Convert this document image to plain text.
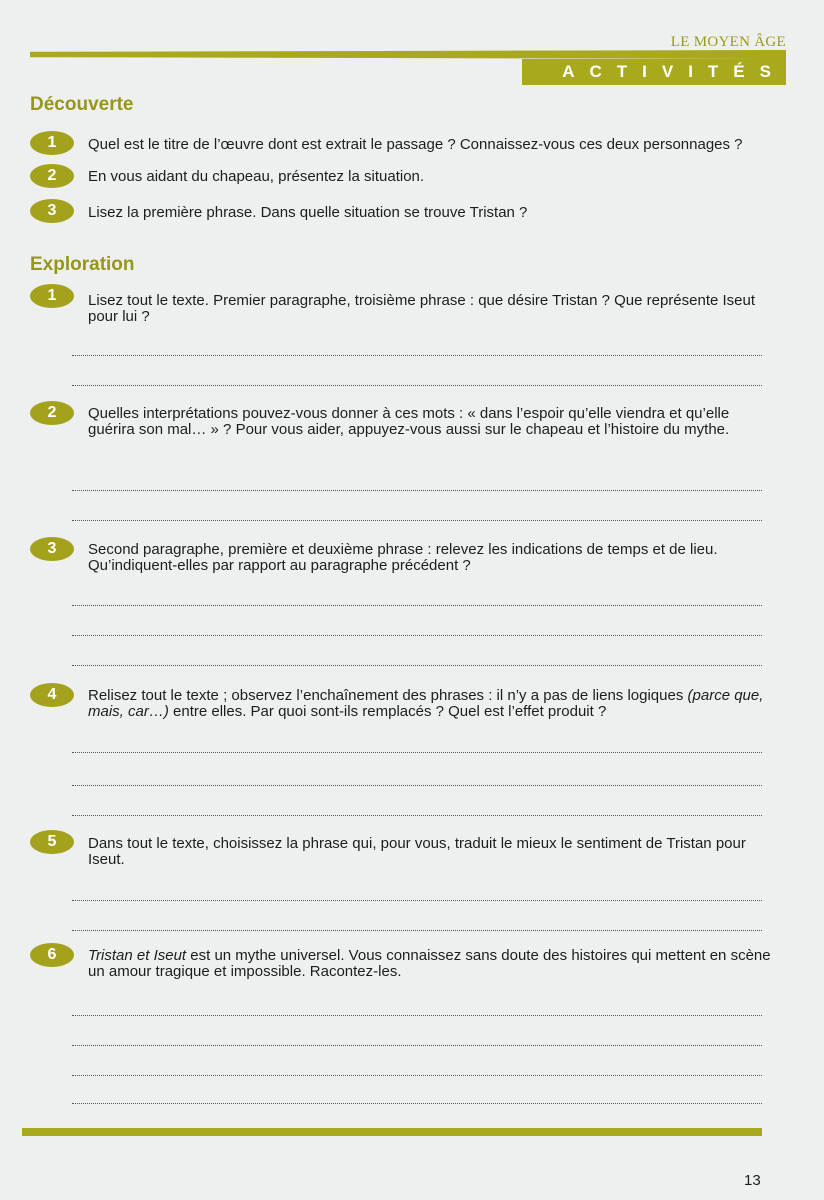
LE MOYEN ÂGE
ACTIVITÉS
Découverte
1	Quel est le titre de l’œuvre dont est extrait le passage ? Connaissez-vous ces deux personnages ?
2	En vous aidant du chapeau, présentez la situation.
3	Lisez la première phrase. Dans quelle situation se trouve Tristan ?
Exploration
1	Lisez tout le texte. Premier paragraphe, troisième phrase : que désire Tristan ? Que représente Iseut pour lui ?
2	Quelles interprétations pouvez-vous donner à ces mots : « dans l’espoir qu’elle viendra et qu’elle guérira son mal… » ? Pour vous aider, appuyez-vous aussi sur le chapeau et l’histoire du mythe.
3	Second paragraphe, première et deuxième phrase : relevez les indications de temps et de lieu. Qu’indiquent-elles par rapport au paragraphe précédent ?
4	Relisez tout le texte ; observez l’enchaînement des phrases : il n’y a pas de liens logiques (parce que, mais, car…) entre elles. Par quoi sont-ils remplacés ? Quel est l’effet produit ?
5	Dans tout le texte, choisissez la phrase qui, pour vous, traduit le mieux le sentiment de Tristan pour Iseut.
6	Tristan et Iseut est un mythe universel. Vous connaissez sans doute des histoires qui mettent en scène un amour tragique et impossible. Racontez-les.
13
